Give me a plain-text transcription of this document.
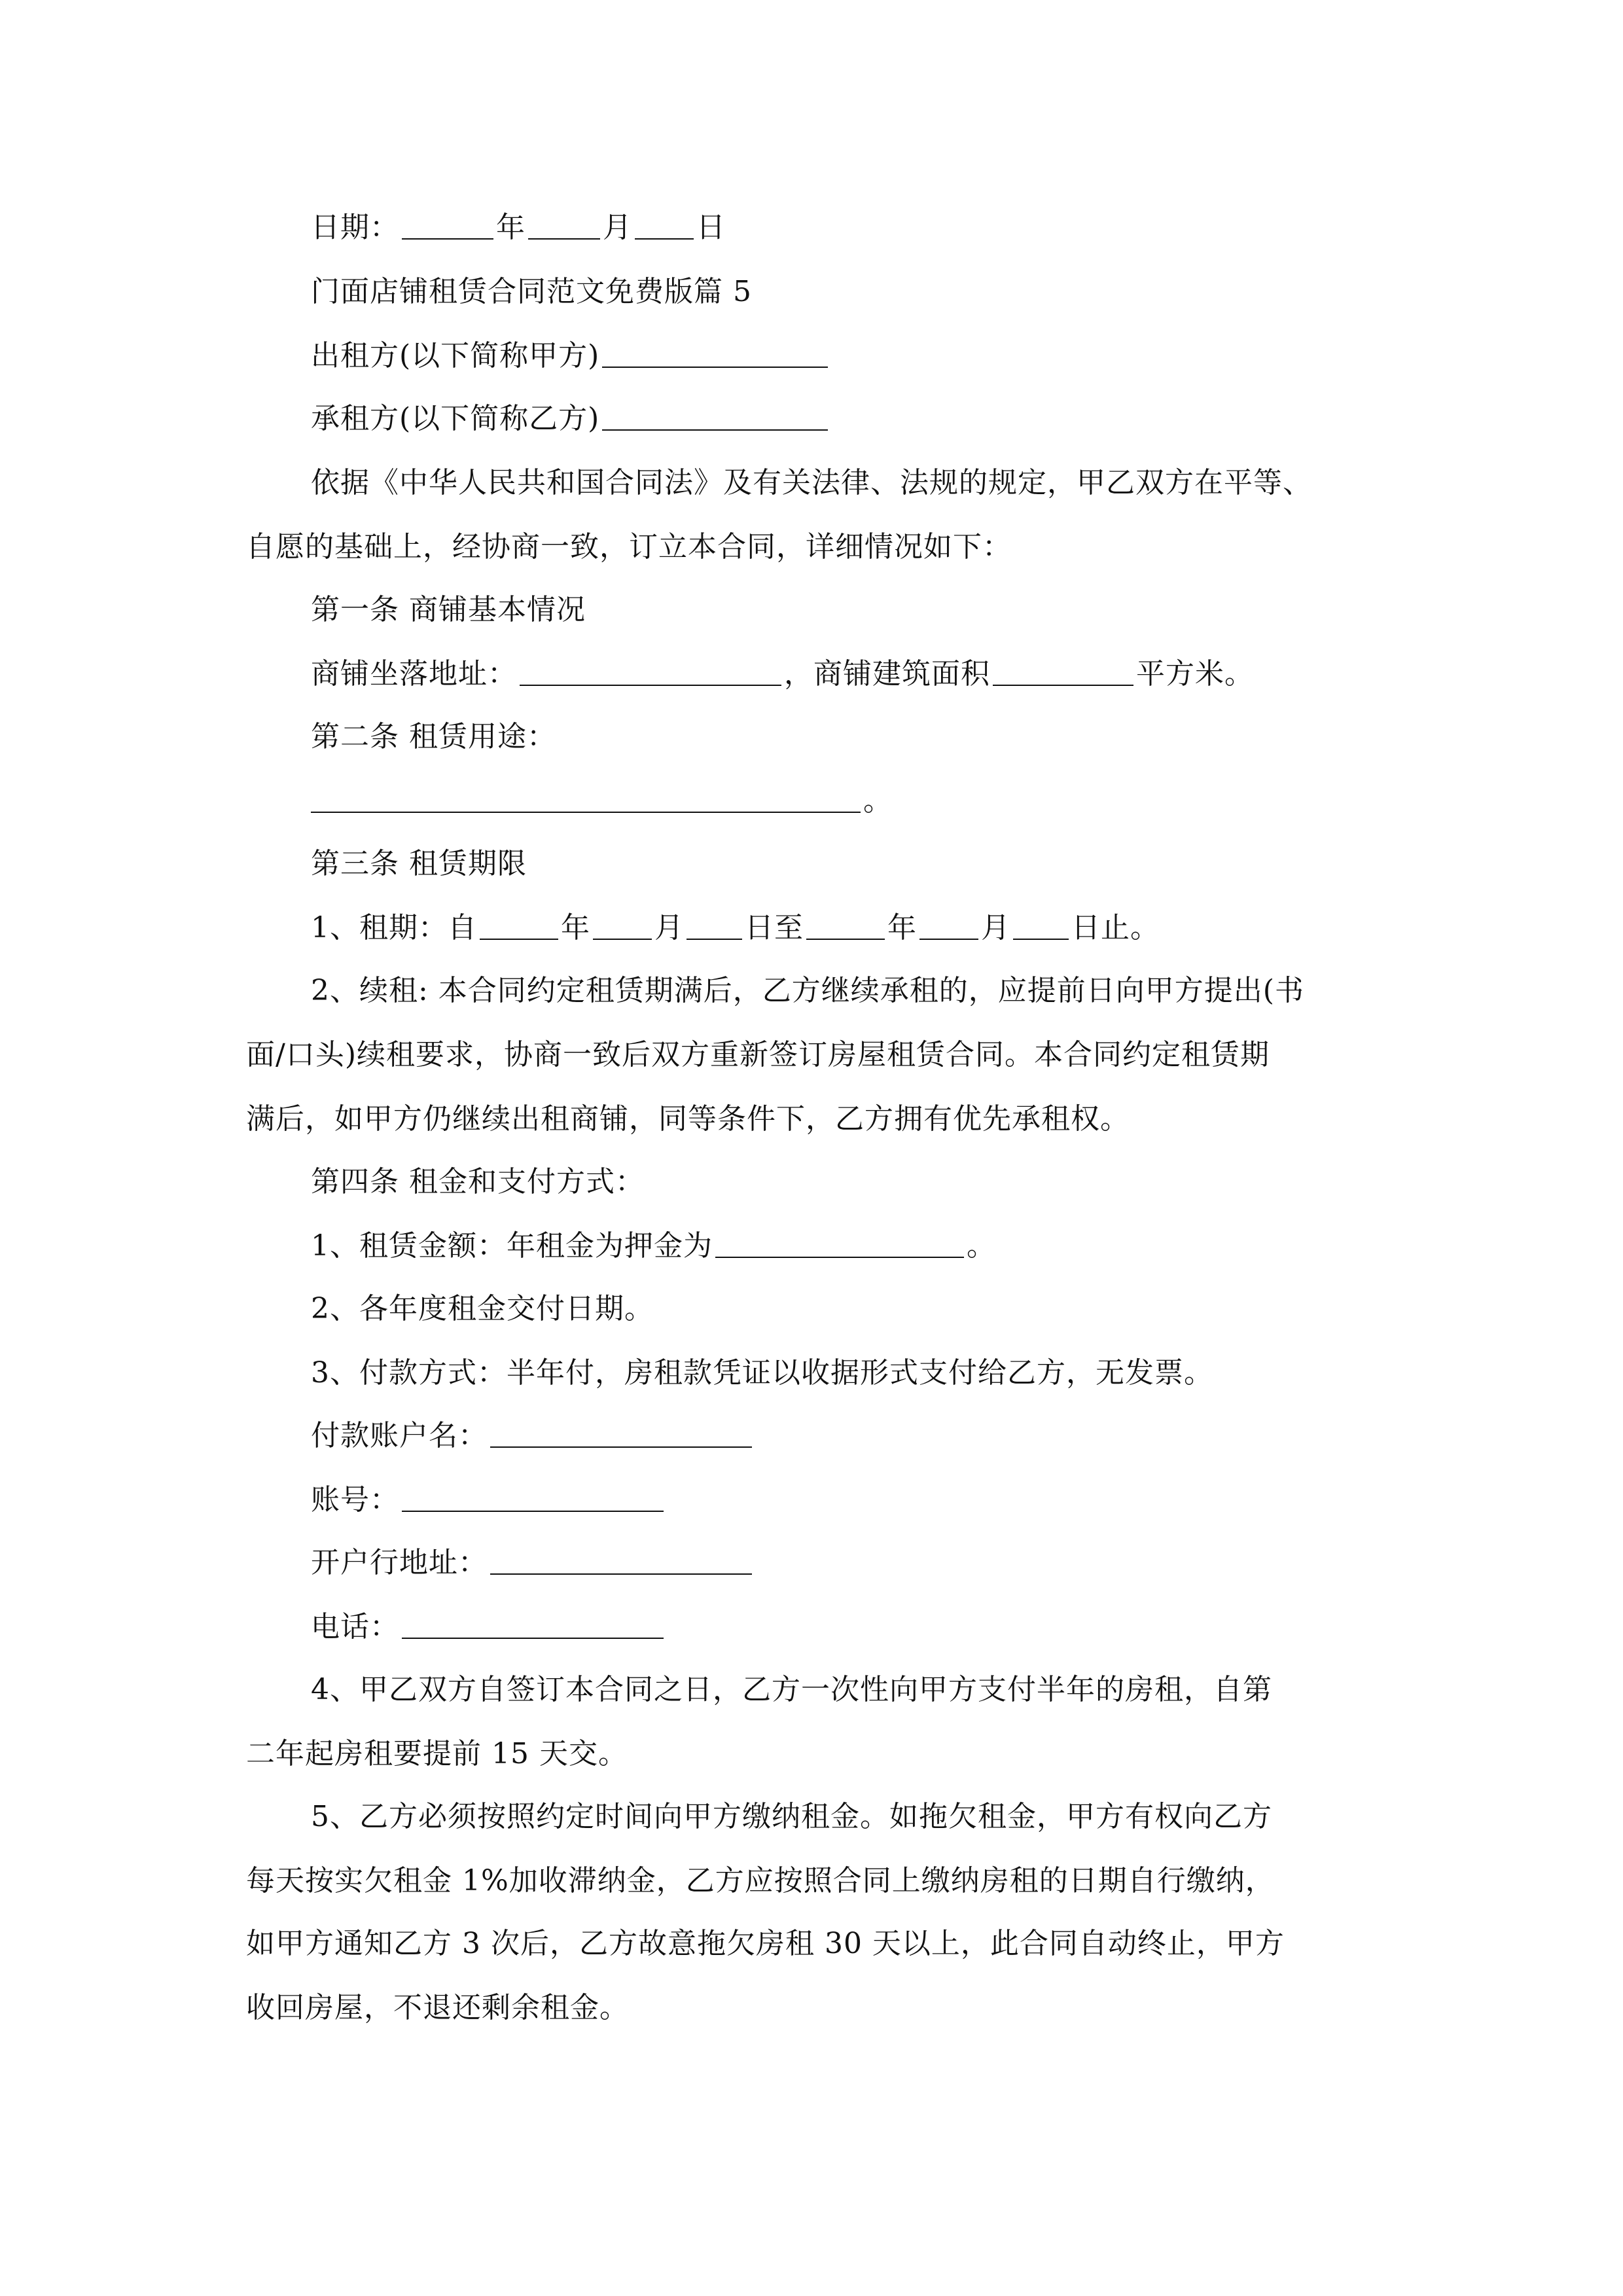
日期：	年	月 日
门面店铺租赁合同范文免费版篇 5
出租方(以下简称甲方)
承租方(以下简称乙方)
依据《中华人民共和国合同法》及有关法律、法规的规定，甲乙双方在平等、
自愿的基础上，经协商一致，订立本合同，详细情况如下：
第一条 商铺基本情况
商铺坐落地址：	，商铺建筑面积	平方米。
第二条 租赁用途：
。
第三条 租赁期限
1、租期：自	年 月 日至	年 月 日止。
2、续租: 本合同约定租赁期满后，乙方继续承租的，应提前日向甲方提出(书
面/口头)续租要求，协商一致后双方重新签订房屋租赁合同。本合同约定租赁期
满后，如甲方仍继续出租商铺，同等条件下，乙方拥有优先承租权。
第四条 租金和支付方式：
1、租赁金额：年租金为押金为	。
2、各年度租金交付日期。
3、付款方式：半年付，房租款凭证以收据形式支付给乙方，无发票。
付款账户名：
账号：
开户行地址：
电话：
4、甲乙双方自签订本合同之日，乙方一次性向甲方支付半年的房租，自第
二年起房租要提前 15 天交。
5、乙方必须按照约定时间向甲方缴纳租金。如拖欠租金，甲方有权向乙方
每天按实欠租金 1%加收滞纳金，乙方应按照合同上缴纳房租的日期自行缴纳，
如甲方通知乙方 3 次后，乙方故意拖欠房租 30 天以上，此合同自动终止，甲方
收回房屋，不退还剩余租金。
